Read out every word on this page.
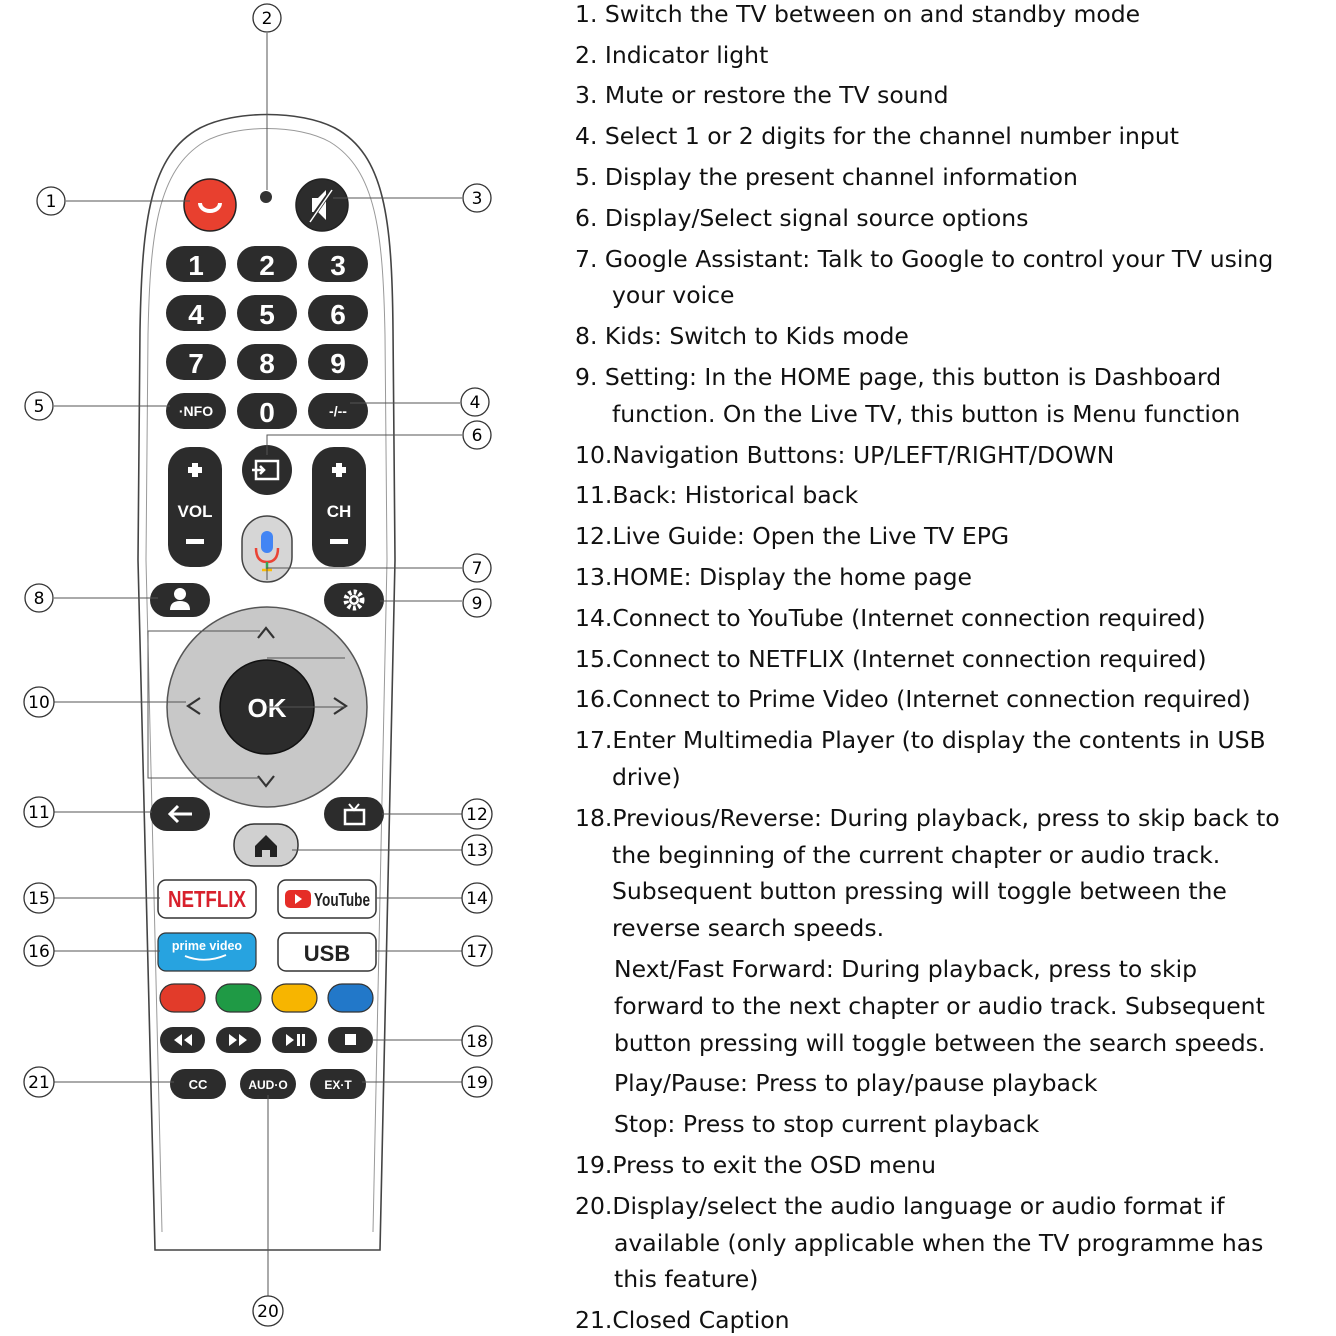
1 2 3
4 5 6
7 8 9
·NFO 0	-/--
VOL	CH
OK
NETFLIX	YouTube
prime video	USB
CC	AUD·O	EX·T
1
2
3
4
5
6
7
8	9
10
11	12
13
14
15
16	17
18
19
20
21
1. Switch the TV between on and standby mode
2. Indicator light
3. Mute or restore the TV sound
4. Select 1 or 2 digits for the channel number input
5. Display the present channel information
6. Display/Select signal source options
7. Google Assistant: Talk to Google to control your TV using
your voice
8. Kids: Switch to Kids mode
9. Setting: In the HOME page, this button is Dashboard
function. On the Live TV, this button is Menu function
10.Navigation Buttons: UP/LEFT/RIGHT/DOWN
11.Back: Historical back
12.Live Guide: Open the Live TV EPG
13.HOME: Display the home page
14.Connect to YouTube (Internet connection required)
15.Connect to NETFLIX (Internet connection required)
16.Connect to Prime Video (Internet connection required)
17.Enter Multimedia Player (to display the contents in USB
drive)
18.Previous/Reverse: During playback, press to skip back to
the beginning of the current chapter or audio track.
Subsequent button pressing will toggle between the
reverse search speeds.
Next/Fast Forward: During playback, press to skip
forward to the next chapter or audio track. Subsequent
button pressing will toggle between the search speeds.
Play/Pause: Press to play/pause playback
Stop: Press to stop current playback
19.Press to exit the OSD menu
20.Display/select the audio language or audio format if
available (only applicable when the TV programme has
this feature)
21.Closed Caption
